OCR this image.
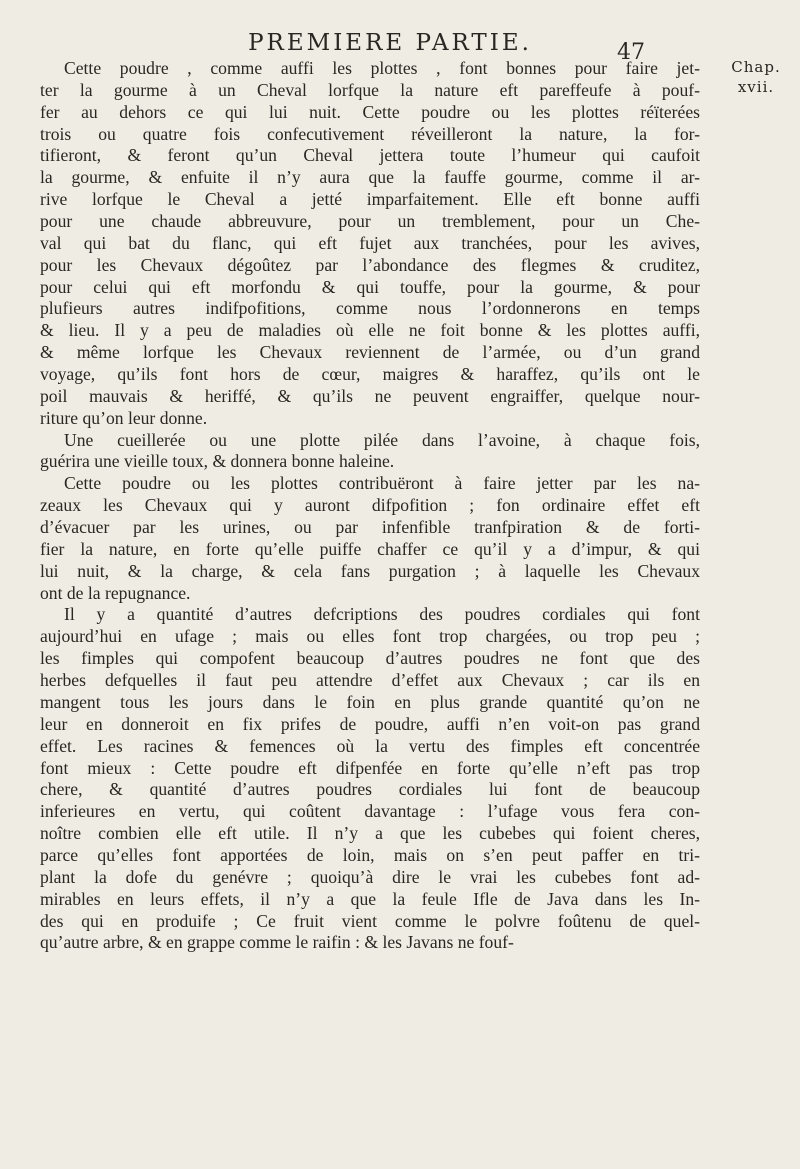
PREMIERE PARTIE.	47
Chap.
xvii.
Cette poudre , comme auffi les plottes , font bonnes pour faire jet-
ter la gourme à un Cheval lorfque la nature eft pareffeufe à pouf-
fer au dehors ce qui lui nuit. Cette poudre ou les plottes réïterées
trois ou quatre fois confecutivement réveilleront la nature, la for-
tifieront, & feront qu’un Cheval jettera toute l’humeur qui caufoit
la gourme, & enfuite il n’y aura que la fauffe gourme, comme il ar-
rive lorfque le Cheval a jetté imparfaitement. Elle eft bonne auffi
pour une chaude abbreuvure, pour un tremblement, pour un Che-
val qui bat du flanc, qui eft fujet aux tranchées, pour les avives,
pour les Chevaux dégoûtez par l’abondance des flegmes & cruditez,
pour celui qui eft morfondu & qui touffe, pour la gourme, & pour
plufieurs autres indifpofitions, comme nous l’ordonnerons en temps
& lieu. Il y a peu de maladies où elle ne foit bonne & les plottes auffi,
& même lorfque les Chevaux reviennent de l’armée, ou d’un grand
voyage, qu’ils font hors de cœur, maigres & haraffez, qu’ils ont le
poil mauvais & heriffé, & qu’ils ne peuvent engraiffer, quelque nour-
riture qu’on leur donne.
Une cueillerée ou une plotte pilée dans l’avoine, à chaque fois,
guérira une vieille toux, & donnera bonne haleine.
Cette poudre ou les plottes contribuëront à faire jetter par les na-
zeaux les Chevaux qui y auront difpofition ; fon ordinaire effet eft
d’évacuer par les urines, ou par infenfible tranfpiration & de forti-
fier la nature, en forte qu’elle puiffe chaffer ce qu’il y a d’impur, & qui
lui nuit, & la charge, & cela fans purgation ; à laquelle les Chevaux
ont de la repugnance.
Il y a quantité d’autres defcriptions des poudres cordiales qui font
aujourd’hui en ufage ; mais ou elles font trop chargées, ou trop peu ;
les fimples qui compofent beaucoup d’autres poudres ne font que des
herbes defquelles il faut peu attendre d’effet aux Chevaux ; car ils en
mangent tous les jours dans le foin en plus grande quantité qu’on ne
leur en donneroit en fix prifes de poudre, auffi n’en voit-on pas grand
effet. Les racines & femences où la vertu des fimples eft concentrée
font mieux : Cette poudre eft difpenfée en forte qu’elle n’eft pas trop
chere, & quantité d’autres poudres cordiales lui font de beaucoup
inferieures en vertu, qui coûtent davantage : l’ufage vous fera con-
noître combien elle eft utile. Il n’y a que les cubebes qui foient cheres,
parce qu’elles font apportées de loin, mais on s’en peut paffer en tri-
plant la dofe du genévre ; quoiqu’à dire le vrai les cubebes font ad-
mirables en leurs effets, il n’y a que la feule Ifle de Java dans les In-
des qui en produife ; Ce fruit vient comme le polvre foûtenu de quel-
qu’autre arbre, & en grappe comme le raifin : & les Javans ne fouf-
